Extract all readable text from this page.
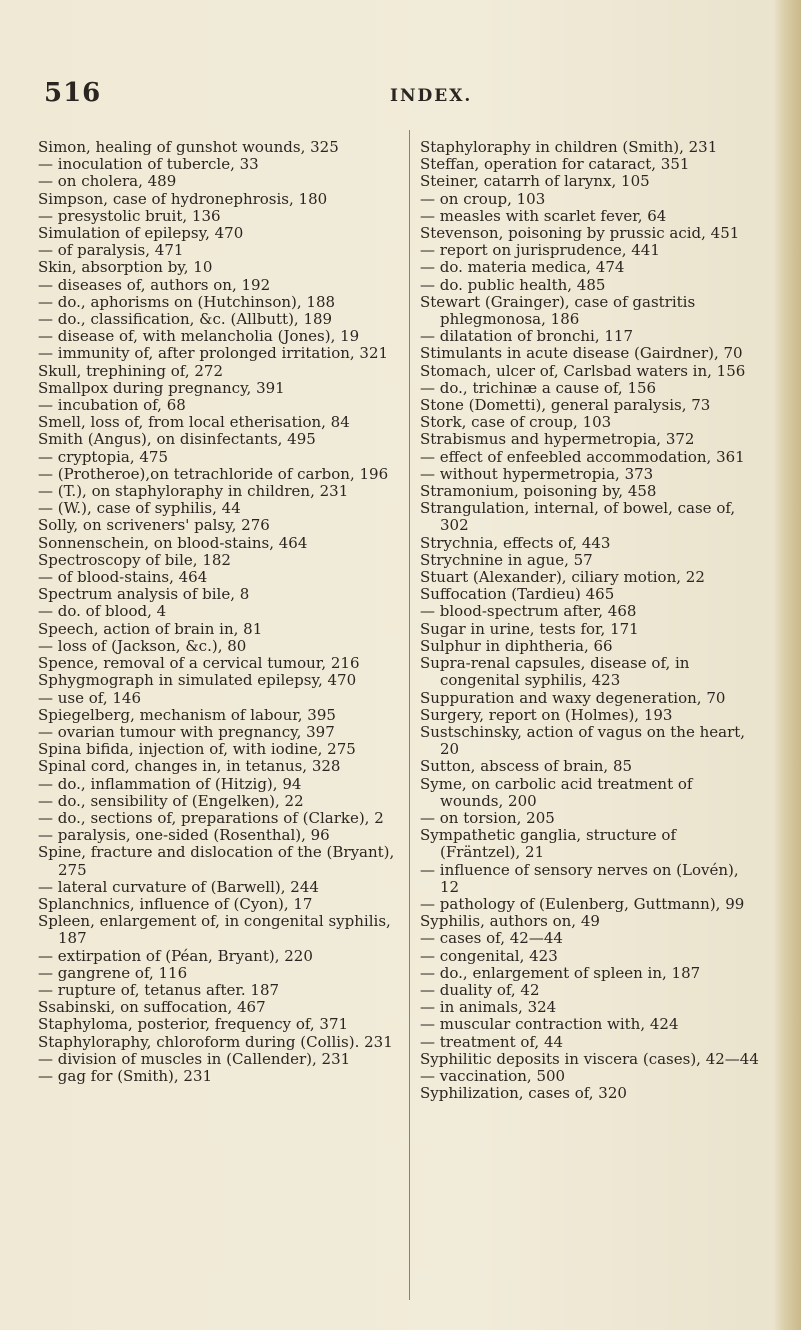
516	INDEX.

Simon, healing of gunshot wounds, 325

— inoculation of tubercle, 33

— on cholera, 489

Simpson, case of hydronephrosis, 180

— presystolic bruit, 136

Simulation of epilepsy, 470

— of paralysis, 471

Skin, absorption by, 10

— diseases of, authors on, 192

— do., aphorisms on (Hutchinson), 188

— do., classification, &c. (Allbutt), 189

— disease of, with melancholia (Jones), 19

— immunity of, after prolonged irritation, 321

Skull, trephining of, 272

Smallpox during pregnancy, 391

— incubation of, 68

Smell, loss of, from local etherisation, 84

Smith (Angus), on disinfectants, 495

— cryptopia, 475

— (Protheroe),on tetrachloride of carbon, 196

— (T.), on staphyloraphy in children, 231

— (W.), case of syphilis, 44

Solly, on scriveners' palsy, 276

Sonnenschein, on blood-stains, 464

Spectroscopy of bile, 182

— of blood-stains, 464

Spectrum analysis of bile, 8

— do. of blood, 4

Speech, action of brain in, 81

— loss of (Jackson, &c.), 80

Spence, removal of a cervical tumour, 216

Sphygmograph in simulated epilepsy, 470

— use of, 146

Spiegelberg, mechanism of labour, 395

— ovarian tumour with pregnancy, 397

Spina bifida, injection of, with iodine, 275

Spinal cord, changes in, in tetanus, 328

— do., inflammation of (Hitzig), 94

— do., sensibility of (Engelken), 22

— do., sections of, preparations of (Clarke), 2

— paralysis, one-sided (Rosenthal), 96

Spine, fracture and dislocation of the (Bryant), 275

— lateral curvature of (Barwell), 244

Splanchnics, influence of (Cyon), 17

Spleen, enlargement of, in congenital syphilis, 187

— extirpation of (Péan, Bryant), 220

— gangrene of, 116

— rupture of, tetanus after. 187

Ssabinski, on suffocation, 467

Staphyloma, posterior, frequency of, 371

Staphyloraphy, chloroform during (Collis). 231

— division of muscles in (Callender), 231

— gag for (Smith), 231

Staphyloraphy in children (Smith), 231

Steffan, operation for cataract, 351

Steiner, catarrh of larynx, 105

— on croup, 103

— measles with scarlet fever, 64

Stevenson, poisoning by prussic acid, 451

— report on jurisprudence, 441

— do. materia medica, 474

— do. public health, 485

Stewart (Grainger), case of gastritis phlegmonosa, 186

— dilatation of bronchi, 117

Stimulants in acute disease (Gairdner), 70

Stomach, ulcer of, Carlsbad waters in, 156

— do., trichinæ a cause of, 156

Stone (Dometti), general paralysis, 73

Stork, case of croup, 103

Strabismus and hypermetropia, 372

— effect of enfeebled accommodation, 361

— without hypermetropia, 373

Stramonium, poisoning by, 458

Strangulation, internal, of bowel, case of, 302

Strychnia, effects of, 443

Strychnine in ague, 57

Stuart (Alexander), ciliary motion, 22

Suffocation (Tardieu) 465

— blood-spectrum after, 468

Sugar in urine, tests for, 171

Sulphur in diphtheria, 66

Supra-renal capsules, disease of, in congenital syphilis, 423

Suppuration and waxy degeneration, 70

Surgery, report on (Holmes), 193

Sustschinsky, action of vagus on the heart, 20

Sutton, abscess of brain, 85

Syme, on carbolic acid treatment of wounds, 200

— on torsion, 205

Sympathetic ganglia, structure of (Fräntzel), 21

— influence of sensory nerves on (Lovén), 12

— pathology of (Eulenberg, Guttmann), 99

Syphilis, authors on, 49

— cases of, 42—44

— congenital, 423

— do., enlargement of spleen in, 187

— duality of, 42

— in animals, 324

— muscular contraction with, 424

— treatment of, 44

Syphilitic deposits in viscera (cases), 42—44

— vaccination, 500

Syphilization, cases of, 320
